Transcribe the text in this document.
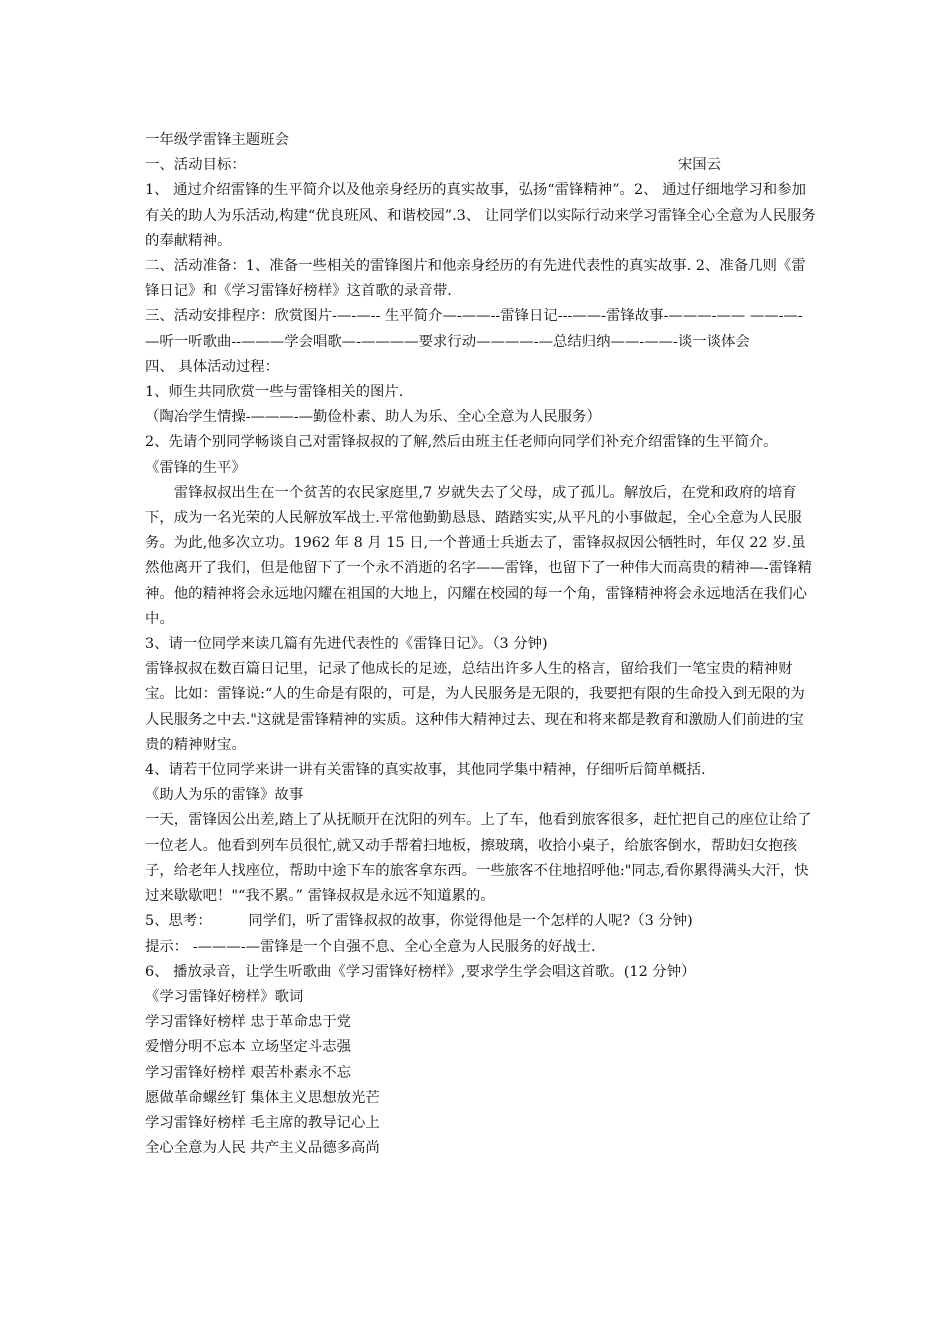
一年级学雷锋主题班会

一、活动目标：	宋国云

1、 通过介绍雷锋的生平简介以及他亲身经历的真实故事，弘扬“雷锋精神”。2、 通过仔细地学习和参加有关的助人为乐活动,构建“优良班风、和谐校园”.3、 让同学们以实际行动来学习雷锋全心全意为人民服务的奉献精神。

二、活动准备：1、准备一些相关的雷锋图片和他亲身经历的有先进代表性的真实故事. 2、准备几则《雷锋日记》和《学习雷锋好榜样》这首歌的录音带.

三、活动安排程序：欣赏图片-—-—-- 生平简介—-——--雷锋日记---——-雷锋故事-———-—— ——-—-—听一听歌曲--———学会唱歌—-————要求行动————-—总结归纳——-——-谈一谈体会

四、 具体活动过程：

1、师生共同欣赏一些与雷锋相关的图片.

（陶冶学生情操-———-—勤俭朴素、助人为乐、全心全意为人民服务）

2、先请个别同学畅谈自己对雷锋叔叔的了解,然后由班主任老师向同学们补充介绍雷锋的生平简介。

《雷锋的生平》

雷锋叔叔出生在一个贫苦的农民家庭里,7 岁就失去了父母，成了孤儿。解放后，在党和政府的培育下，成为一名光荣的人民解放军战士.平常他勤勤恳恳、踏踏实实,从平凡的小事做起，全心全意为人民服务。为此,他多次立功。1962 年 8 月 15 日,一个普通士兵逝去了，雷锋叔叔因公牺牲时，年仅 22 岁.虽然他离开了我们，但是他留下了一个永不消逝的名字——雷锋，也留下了一种伟大而高贵的精神—-雷锋精神。他的精神将会永远地闪耀在祖国的大地上，闪耀在校园的每一个角，雷锋精神将会永远地活在我们心中。

3、请一位同学来读几篇有先进代表性的《雷锋日记》。（3 分钟)

雷锋叔叔在数百篇日记里，记录了他成长的足迹，总结出许多人生的格言，留给我们一笔宝贵的精神财宝。比如：雷锋说:“人的生命是有限的，可是，为人民服务是无限的，我要把有限的生命投入到无限的为人民服务之中去."这就是雷锋精神的实质。这种伟大精神过去、现在和将来都是教育和激励人们前进的宝贵的精神财宝。

4、请若干位同学来讲一讲有关雷锋的真实故事，其他同学集中精神，仔细听后简单概括.

《助人为乐的雷锋》故事

一天，雷锋因公出差,踏上了从抚顺开在沈阳的列车。上了车，他看到旅客很多，赶忙把自己的座位让给了一位老人。他看到列车员很忙,就又动手帮着扫地板，擦玻璃，收拾小桌子，给旅客倒水，帮助妇女抱孩子，给老年人找座位，帮助中途下车的旅客拿东西。一些旅客不住地招呼他:"同志,看你累得满头大汗，快过来歇歇吧！"“我不累。” 雷锋叔叔是永远不知道累的。

5、思考：        同学们，听了雷锋叔叔的故事，你觉得他是一个怎样的人呢?（3 分钟)

提示： -———-—雷锋是一个自强不息、全心全意为人民服务的好战士.

6、 播放录音，让学生听歌曲《学习雷锋好榜样》,要求学生学会唱这首歌。(12 分钟）

《学习雷锋好榜样》歌词

学习雷锋好榜样 忠于革命忠于党

爱憎分明不忘本 立场坚定斗志强

学习雷锋好榜样 艰苦朴素永不忘

愿做革命螺丝钉 集体主义思想放光芒

学习雷锋好榜样 毛主席的教导记心上

全心全意为人民 共产主义品德多高尚
